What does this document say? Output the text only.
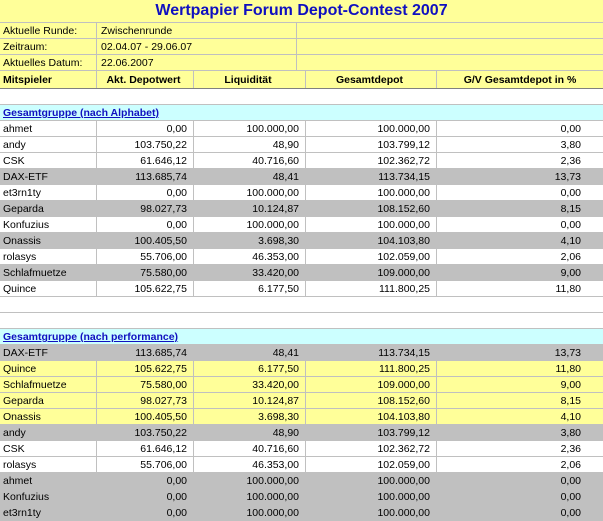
Wertpapier Forum Depot-Contest 2007
Aktuelle Runde:	Zwischenrunde
Zeitraum:	02.04.07 - 29.06.07
Aktuelles Datum:	22.06.2007
Mitspieler	Akt. Depotwert	Liquidität	Gesamtdepot	G/V Gesamtdepot in %
Gesamtgruppe (nach Alphabet)
ahmet	0,00	100.000,00	100.000,00	0,00
andy	103.750,22	48,90	103.799,12	3,80
CSK	61.646,12	40.716,60	102.362,72	2,36
DAX-ETF	113.685,74	48,41	113.734,15	13,73
et3rn1ty	0,00	100.000,00	100.000,00	0,00
Geparda	98.027,73	10.124,87	108.152,60	8,15
Konfuzius	0,00	100.000,00	100.000,00	0,00
Onassis	100.405,50	3.698,30	104.103,80	4,10
rolasys	55.706,00	46.353,00	102.059,00	2,06
Schlafmuetze	75.580,00	33.420,00	109.000,00	9,00
Quince	105.622,75	6.177,50	111.800,25	11,80
Gesamtgruppe (nach performance)
DAX-ETF	113.685,74	48,41	113.734,15	13,73
Quince	105.622,75	6.177,50	111.800,25	11,80
Schlafmuetze	75.580,00	33.420,00	109.000,00	9,00
Geparda	98.027,73	10.124,87	108.152,60	8,15
Onassis	100.405,50	3.698,30	104.103,80	4,10
andy	103.750,22	48,90	103.799,12	3,80
CSK	61.646,12	40.716,60	102.362,72	2,36
rolasys	55.706,00	46.353,00	102.059,00	2,06
ahmet	0,00	100.000,00	100.000,00	0,00
Konfuzius	0,00	100.000,00	100.000,00	0,00
et3rn1ty	0,00	100.000,00	100.000,00	0,00
